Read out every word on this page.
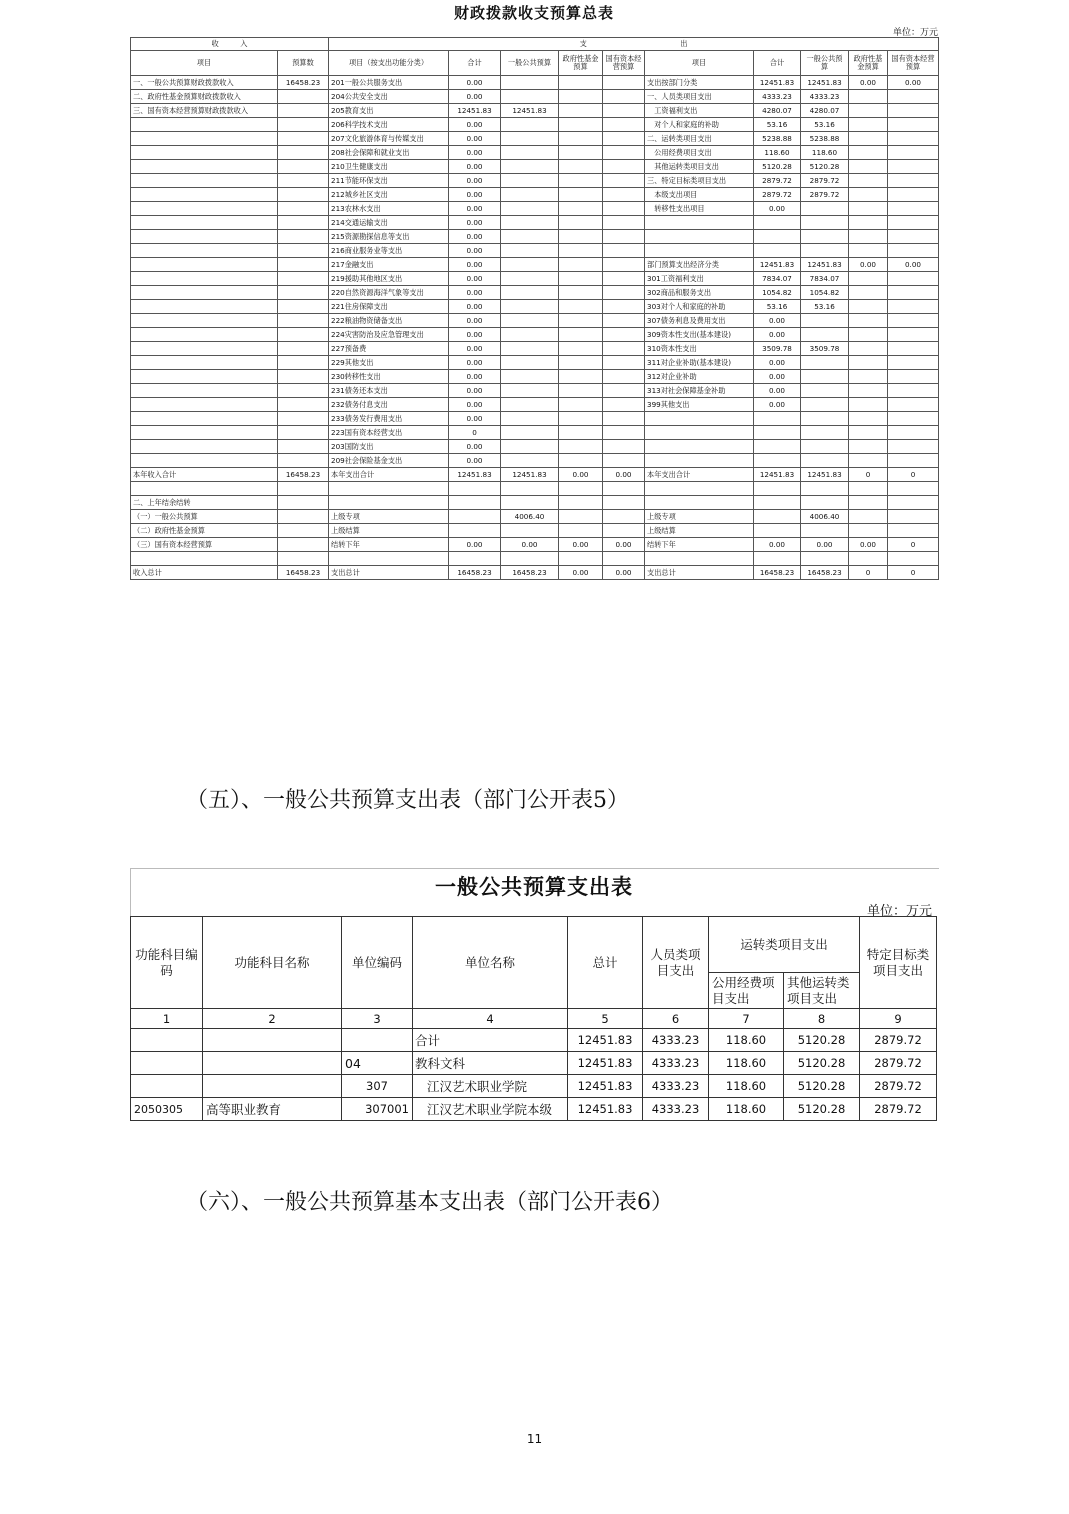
财政拨款收支预算总表
单位：万元
收　　　入		支　　　　　　　　　　　　　出									
项目	预算数	项目（按支出功能分类）	合计	一般公共预算	政府性基金预算	国有资本经营预算	项目	合计	一般公共预算	政府性基金预算	国有资本经营预算
一、一般公共预算财政拨款收入	16458.23	201一般公共服务支出	0.00				支出按部门分类	12451.83	12451.83	0.00	0.00
二、政府性基金预算财政拨款收入		204公共安全支出	0.00				一、人员类项目支出	4333.23	4333.23		
三、国有资本经营预算财政拨款收入		205教育支出	12451.83	12451.83			　工资福利支出	4280.07	4280.07		
		206科学技术支出	0.00				　对个人和家庭的补助	53.16	53.16		
		207文化旅游体育与传媒支出	0.00				二、运转类项目支出	5238.88	5238.88		
		208社会保障和就业支出	0.00				　公用经费项目支出	118.60	118.60		
		210卫生健康支出	0.00				　其他运转类项目支出	5120.28	5120.28		
		211节能环保支出	0.00				三、特定目标类项目支出	2879.72	2879.72		
		212城乡社区支出	0.00				　本级支出项目	2879.72	2879.72		
		213农林水支出	0.00				　转移性支出项目	0.00			
		214交通运输支出	0.00								
		215资源勘探信息等支出	0.00								
		216商业服务业等支出	0.00								
		217金融支出	0.00				部门预算支出经济分类	12451.83	12451.83	0.00	0.00
		219援助其他地区支出	0.00				301工资福利支出	7834.07	7834.07		
		220自然资源海洋气象等支出	0.00				302商品和服务支出	1054.82	1054.82		
		221住房保障支出	0.00				303对个人和家庭的补助	53.16	53.16		
		222粮油物资储备支出	0.00				307债务利息及费用支出	0.00			
		224灾害防治及应急管理支出	0.00				309资本性支出(基本建设)	0.00			
		227预备费	0.00				310资本性支出	3509.78	3509.78		
		229其他支出	0.00				311对企业补助(基本建设)	0.00			
		230转移性支出	0.00				312对企业补助	0.00			
		231债务还本支出	0.00				313对社会保障基金补助	0.00			
		232债务付息支出	0.00				399其他支出	0.00			
		233债务发行费用支出	0.00								
		223国有资本经营支出	0								
		203国防支出	0.00								
		209社会保险基金支出	0.00								
本年收入合计	16458.23	本年支出合计	12451.83	12451.83	0.00	0.00	本年支出合计	12451.83	12451.83	0	0

二、上年结余结转											
（一）一般公共预算		上级专项		4006.40			上级专项		4006.40		
（二）政府性基金预算		上级结算					上级结算				
（三）国有资本经营预算		结转下年	0.00	0.00	0.00	0.00	结转下年	0.00	0.00	0.00	0

收入总计	16458.23	支出总计	16458.23	16458.23	0.00	0.00	支出总计	16458.23	16458.23	0	0
（五）、一般公共预算支出表（部门公开表5）
一般公共预算支出表
单位：万元
功能科目编码	功能科目名称	单位编码	单位名称	总计	人员类项目支出	运转类项目支出		特定目标类项目支出
						公用经费项目支出	其他运转类项目支出	
1	2	3	4	5	6	7	8	9
			合计	12451.83	4333.23	118.60	5120.28	2879.72
		04	教科文科	12451.83	4333.23	118.60	5120.28	2879.72
		307	江汉艺术职业学院	12451.83	4333.23	118.60	5120.28	2879.72
2050305	高等职业教育	307001	江汉艺术职业学院本级	12451.83	4333.23	118.60	5120.28	2879.72
（六）、一般公共预算基本支出表（部门公开表6）
11
